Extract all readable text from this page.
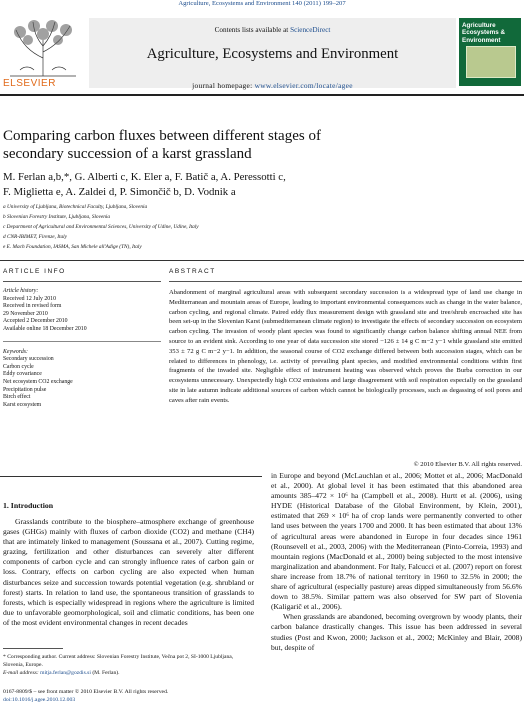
Agriculture, Ecosystems and Environment 140 (2011) 199–207
ELSEVIER
Contents lists available at ScienceDirect
Agriculture, Ecosystems and Environment
journal homepage: www.elsevier.com/locate/agee
Agriculture Ecosystems & Environment
Comparing carbon fluxes between different stages of
secondary succession of a karst grassland
M. Ferlan a,b,*, G. Alberti c, K. Eler a, F. Batič a, A. Peressotti c,
F. Miglietta e, A. Zaldei d, P. Simončič b, D. Vodnik a
a University of Ljubljana, Biotechnical Faculty, Ljubljana, Slovenia
b Slovenian Forestry Institute, Ljubljana, Slovenia
c Department of Agricultural and Environmental Sciences, University of Udine, Udine, Italy
d CNR-IBIMET, Firenze, Italy
e E. Mach Foundation, IASMA, San Michele all'Adige (TN), Italy
ARTICLE INFO
Article history:
Received 12 July 2010
Received in revised form
29 November 2010
Accepted 2 December 2010
Available online 18 December 2010
Keywords:
Secondary succession
Carbon cycle
Eddy covariance
Net ecosystem CO2 exchange
Precipitation pulse
Birch effect
Karst ecosystem
ABSTRACT
Abandonment of marginal agricultural areas with subsequent secondary succession is a widespread type of land use change in Mediterranean and mountain areas of Europe, leading to important environmental consequences such as change in the water balance, carbon cycling, and regional climate. Paired eddy flux measurement design with grassland site and tree/shrub encroached site has been set-up in the Slovenian Karst (submediterranean climate region) to investigate the effects of secondary succession on ecosystem carbon cycling. The invasion of woody plant species was found to significantly change carbon balance shifting annual NEE from source to an evident sink. According to one year of data succession site stored −126 ± 14 g C m−2 y−1 while grassland site emitted 353 ± 72 g C m−2 y−1. In addition, the seasonal course of CO2 exchange differed between both succession stages, which can be related to differences in phenology, i.e. activity of prevailing plant species, and modified environmental conditions within first fragments of the invaded site. Negligible effect of instrument heating was observed which proves the Burba correction in our ecosystems unnecessary. Unexpectedly high CO2 emissions and large disagreement with soil respiration especially on the grassland site in late autumn indicate additional sources of carbon which cannot be biologically processes, such as degassing of soil pores and caves after rain events.
© 2010 Elsevier B.V. All rights reserved.
1. Introduction

Grasslands contribute to the biosphere–atmosphere exchange of greenhouse gases (GHGs) mainly with fluxes of carbon dioxide (CO2) and methane (CH4) that are intimately linked to management (Soussana et al., 2007). Cutting regime, grazing, fertilization and other disturbances can severely alter different components of carbon cycle and can strongly influence rates of carbon gain or loss. Contrary, effects on carbon cycling are also expected when human disturbances seize and succession towards potential vegetation (e.g. shrubland or forest) starts. In relation to land use, the spontaneous transition of grasslands to forests, which is especially widespread in regions where the agriculture is limited due to unfavorable geomorphological, soil and climatic conditions, has been one of the most evident environmental changes in recent decades

in Europe and beyond (McLauchlan et al., 2006; Mottet et al., 2006; MacDonald et al., 2000). At global level it has been estimated that this abandoned area amounts 385–472 × 10⁶ ha (Campbell et al., 2008). Hurtt et al. (2006), using HYDE (Historical Database of the Global Environment, by Klein, 2001), estimated that 269 × 10⁶ ha of crop lands were permanently converted to other land uses between the years 1700 and 2000. It has been estimated that about 13% of agricultural areas were abandoned in Europe in four decades since 1961 (Rounsevell et al., 2003, 2006) with the Mediterranean (Pinto-Correia, 1993) and mountain regions (MacDonald et al., 2000) being subjected to the most intensive marginalization and abandonment. For Italy, Falcucci et al. (2007) report on forest share increase from 18.7% of national territory in 1960 to 32.5% in 2000; the share of agricultural (especially pasture) areas dipped simultaneously from 56.6% down to 38.5%. Similar pattern was also observed for SW part of Slovenia (Kaligarič et al., 2006).

When grasslands are abandoned, becoming overgrown by woody plants, their carbon balance drastically changes. This issue has been addressed in several studies (Post and Kwon, 2000; Jackson et al., 2002; McKinley and Blair, 2008) but, despite of

* Corresponding author. Current address: Slovenian Forestry Institute, Večna pot 2, SI-1000 Ljubljana, Slovenia, Europe.
E-mail address: mitja.ferlan@gozdis.si (M. Ferlan).
0167-8809/$ – see front matter © 2010 Elsevier B.V. All rights reserved.
doi:10.1016/j.agee.2010.12.003
